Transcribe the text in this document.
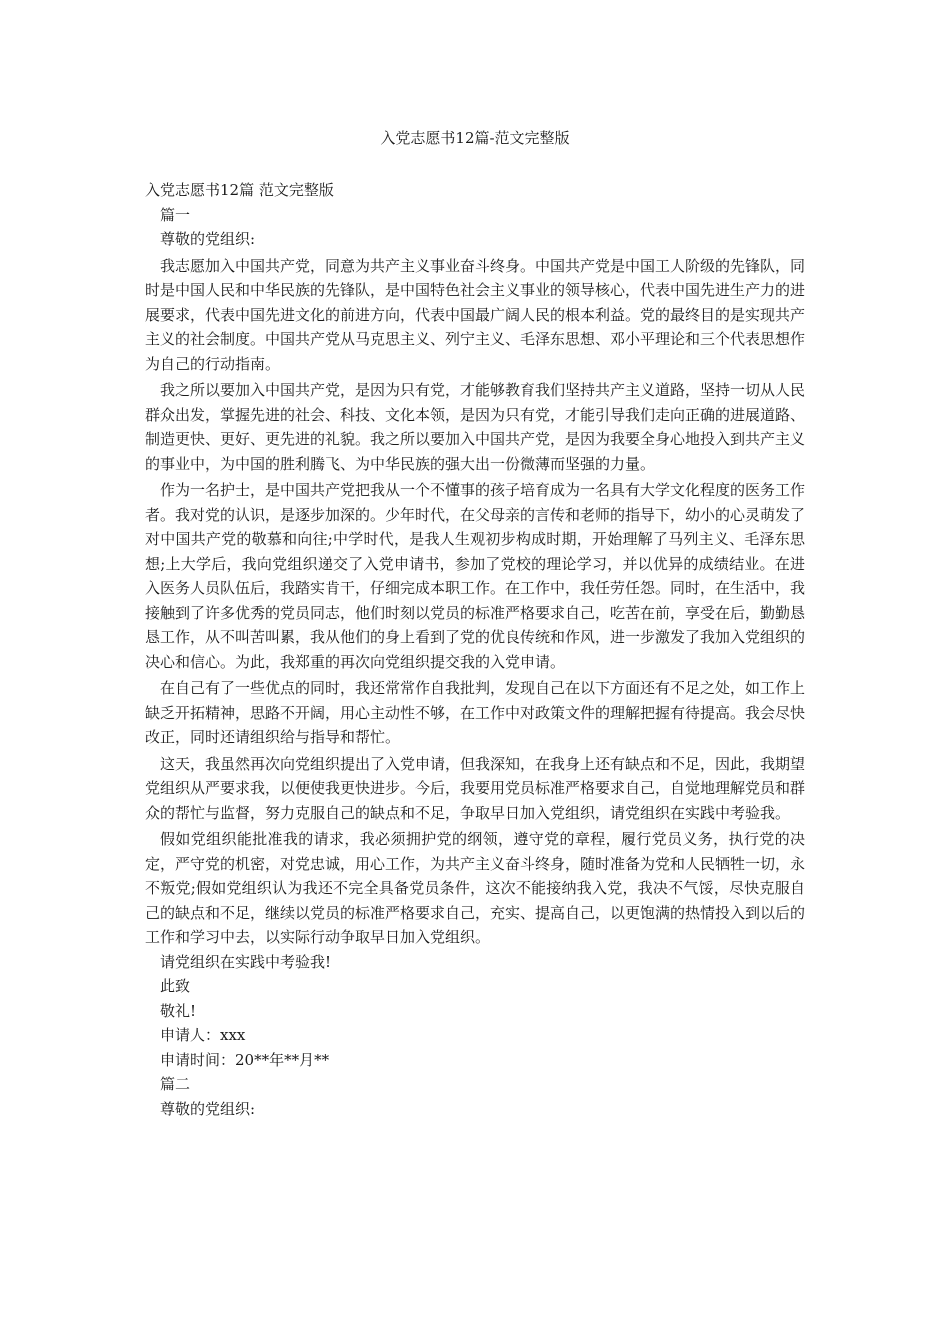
入党志愿书12篇-范文完整版

入党志愿书12篇 范文完整版

篇一

尊敬的党组织:

我志愿加入中国共产党，同意为共产主义事业奋斗终身。中国共产党是中国工人阶级的先锋队，同时是中国人民和中华民族的先锋队，是中国特色社会主义事业的领导核心，代表中国先进生产力的进展要求，代表中国先进文化的前进方向，代表中国最广阔人民的根本利益。党的最终目的是实现共产主义的社会制度。中国共产党从马克思主义、列宁主义、毛泽东思想、邓小平理论和三个代表思想作为自己的行动指南。

我之所以要加入中国共产党，是因为只有党，才能够教育我们坚持共产主义道路，坚持一切从人民群众出发，掌握先进的社会、科技、文化本领，是因为只有党，才能引导我们走向正确的进展道路、制造更快、更好、更先进的礼貌。我之所以要加入中国共产党，是因为我要全身心地投入到共产主义的事业中，为中国的胜利腾飞、为中华民族的强大出一份微薄而坚强的力量。

作为一名护士，是中国共产党把我从一个不懂事的孩子培育成为一名具有大学文化程度的医务工作者。我对党的认识，是逐步加深的。少年时代，在父母亲的言传和老师的指导下，幼小的心灵萌发了对中国共产党的敬慕和向往;中学时代，是我人生观初步构成时期，开始理解了马列主义、毛泽东思想;上大学后，我向党组织递交了入党申请书，参加了党校的理论学习，并以优异的成绩结业。在进入医务人员队伍后，我踏实肯干，仔细完成本职工作。在工作中，我任劳任怨。同时，在生活中，我接触到了许多优秀的党员同志，他们时刻以党员的标准严格要求自己，吃苦在前，享受在后，勤勤恳恳工作，从不叫苦叫累，我从他们的身上看到了党的优良传统和作风，进一步激发了我加入党组织的决心和信心。为此，我郑重的再次向党组织提交我的入党申请。

在自己有了一些优点的同时，我还常常作自我批判，发现自己在以下方面还有不足之处，如工作上缺乏开拓精神，思路不开阔，用心主动性不够，在工作中对政策文件的理解把握有待提高。我会尽快改正，同时还请组织给与指导和帮忙。

这天，我虽然再次向党组织提出了入党申请，但我深知，在我身上还有缺点和不足，因此，我期望党组织从严要求我，以便使我更快进步。今后，我要用党员标准严格要求自己，自觉地理解党员和群众的帮忙与监督，努力克服自己的缺点和不足，争取早日加入党组织，请党组织在实践中考验我。

假如党组织能批准我的请求，我必须拥护党的纲领，遵守党的章程，履行党员义务，执行党的决定，严守党的机密，对党忠诚，用心工作，为共产主义奋斗终身，随时准备为党和人民牺牲一切，永不叛党;假如党组织认为我还不完全具备党员条件，这次不能接纳我入党，我决不气馁，尽快克服自己的缺点和不足，继续以党员的标准严格要求自己，充实、提高自己，以更饱满的热情投入到以后的工作和学习中去，以实际行动争取早日加入党组织。

请党组织在实践中考验我!

此致

敬礼!

申请人：xxx

申请时间：20**年**月**

篇二

尊敬的党组织:
